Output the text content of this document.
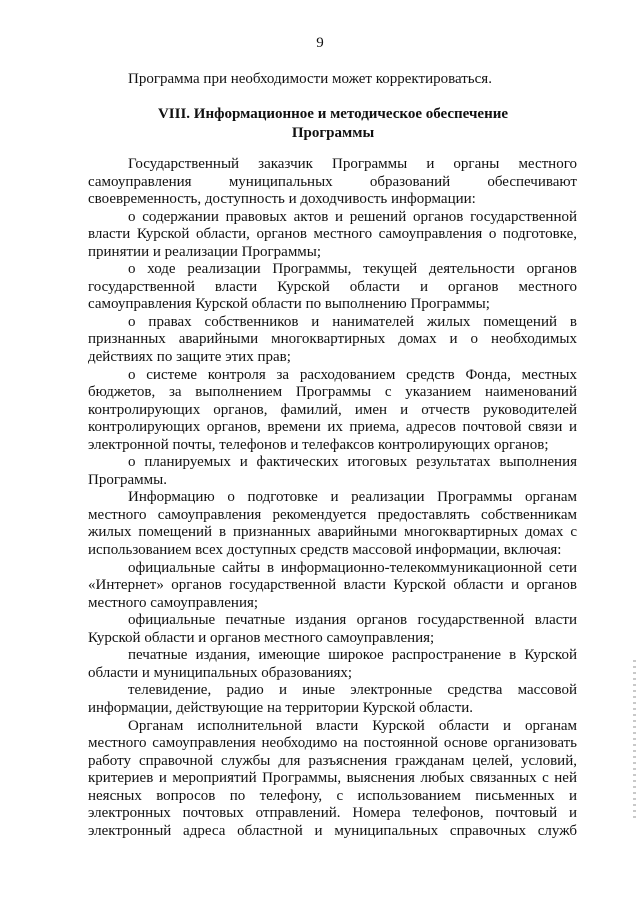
9
Программа при необходимости может корректироваться.
VIII. Информационное и методическое обеспечение
Программы
Государственный заказчик Программы и органы местного
самоуправления муниципальных образований обеспечивают
своевременность, доступность и доходчивость информации:
о содержании правовых актов и решений органов государственной
власти Курской области, органов местного самоуправления о подготовке,
принятии и реализации Программы;
о ходе реализации Программы, текущей деятельности органов
государственной власти Курской области и органов местного
самоуправления Курской области по выполнению Программы;
о правах собственников и нанимателей жилых помещений в
признанных аварийными многоквартирных домах и о необходимых
действиях по защите этих прав;
о системе контроля за расходованием средств Фонда, местных
бюджетов, за выполнением Программы с указанием наименований
контролирующих органов, фамилий, имен и отчеств руководителей
контролирующих органов, времени их приема, адресов почтовой связи и
электронной почты, телефонов и телефаксов контролирующих органов;
о планируемых и фактических итоговых результатах выполнения
Программы.
Информацию о подготовке и реализации Программы органам
местного самоуправления рекомендуется предоставлять собственникам
жилых помещений в признанных аварийными многоквартирных домах с
использованием всех доступных средств массовой информации, включая:
официальные сайты в информационно-телекоммуникационной сети
«Интернет» органов государственной власти Курской области и органов
местного самоуправления;
официальные печатные издания органов государственной власти
Курской области и органов местного самоуправления;
печатные издания, имеющие широкое распространение в Курской
области и муниципальных образованиях;
телевидение, радио и иные электронные средства массовой
информации, действующие на территории Курской области.
Органам исполнительной власти Курской области и органам
местного самоуправления необходимо на постоянной основе организовать
работу справочной службы для разъяснения гражданам целей, условий,
критериев и мероприятий Программы, выяснения любых связанных с ней
неясных вопросов по телефону, с использованием письменных и
электронных почтовых отправлений. Номера телефонов, почтовый и
электронный адреса областной и муниципальных справочных служб
